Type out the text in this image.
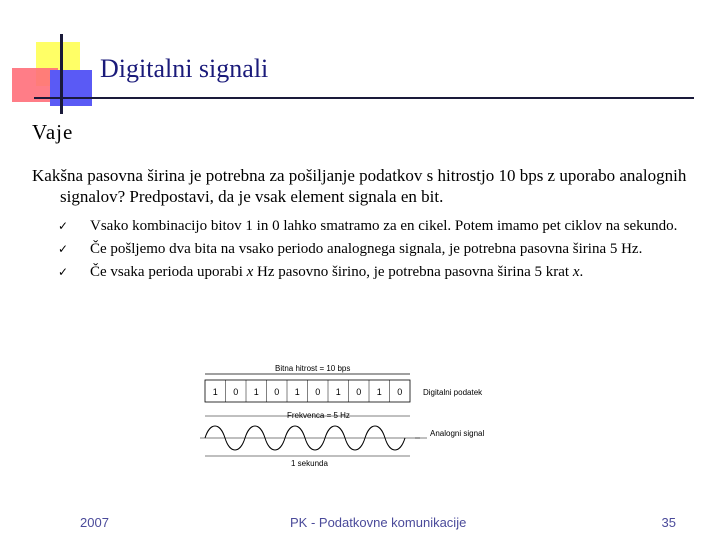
Digitalni signali
Vaje
Kakšna pasovna širina je potrebna za pošiljanje podatkov s hitrostjo 10 bps z uporabo analognih signalov? Predpostavi, da je vsak element signala en bit.
✓ Vsako kombinacijo bitov 1 in 0 lahko smatramo za en cikel. Potem imamo pet ciklov na sekundo.
✓ Če pošljemo dva bita na vsako periodo analognega signala, je potrebna pasovna širina 5 Hz.
✓ Če vsaka perioda uporabi x Hz pasovno širino, je potrebna pasovna širina 5 krat x.
Bitna hitrost = 10 bps
1 0 1 0 1 0 1 0 1 0	Digitalni podatek
Frekvenca = 5 Hz
Analogni signal
1 sekunda
2007	PK - Podatkovne komunikacije	35
